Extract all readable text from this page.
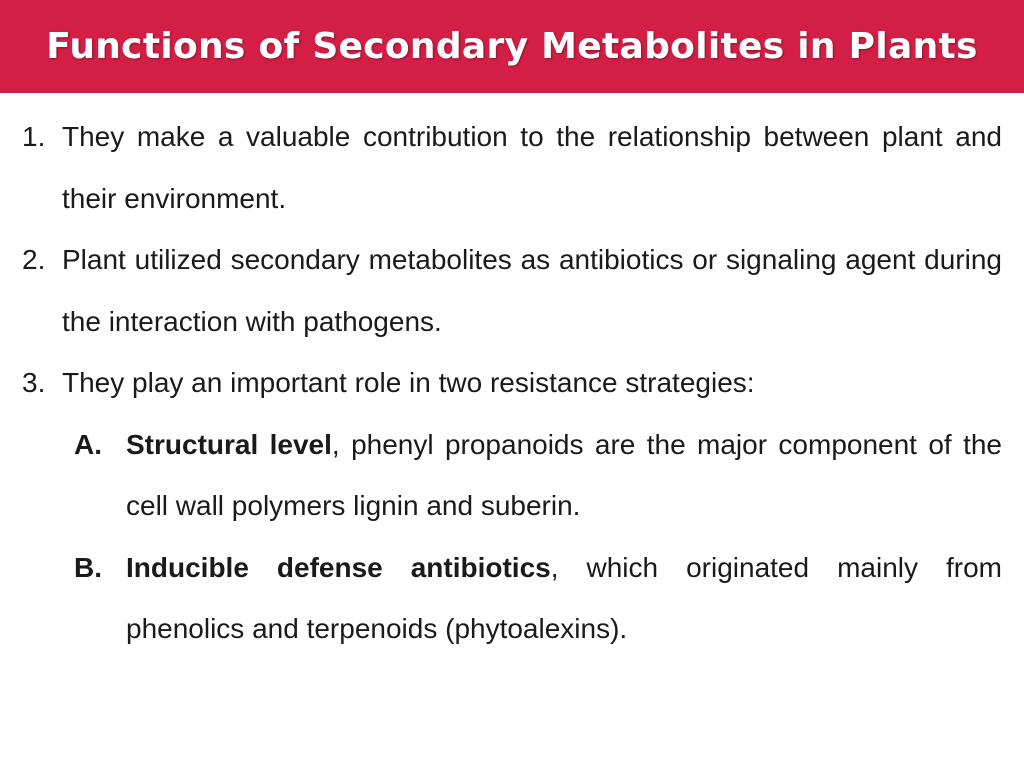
Functions of Secondary Metabolites in Plants
1. They make a valuable contribution to the relationship between plant and their environment.
2. Plant utilized secondary metabolites as antibiotics or signaling agent during the interaction with pathogens.
3. They play an important role in two resistance strategies:
A. Structural level, phenyl propanoids are the major component of the cell wall polymers lignin and suberin.
B. Inducible defense antibiotics, which originated mainly from phenolics and terpenoids (phytoalexins).
